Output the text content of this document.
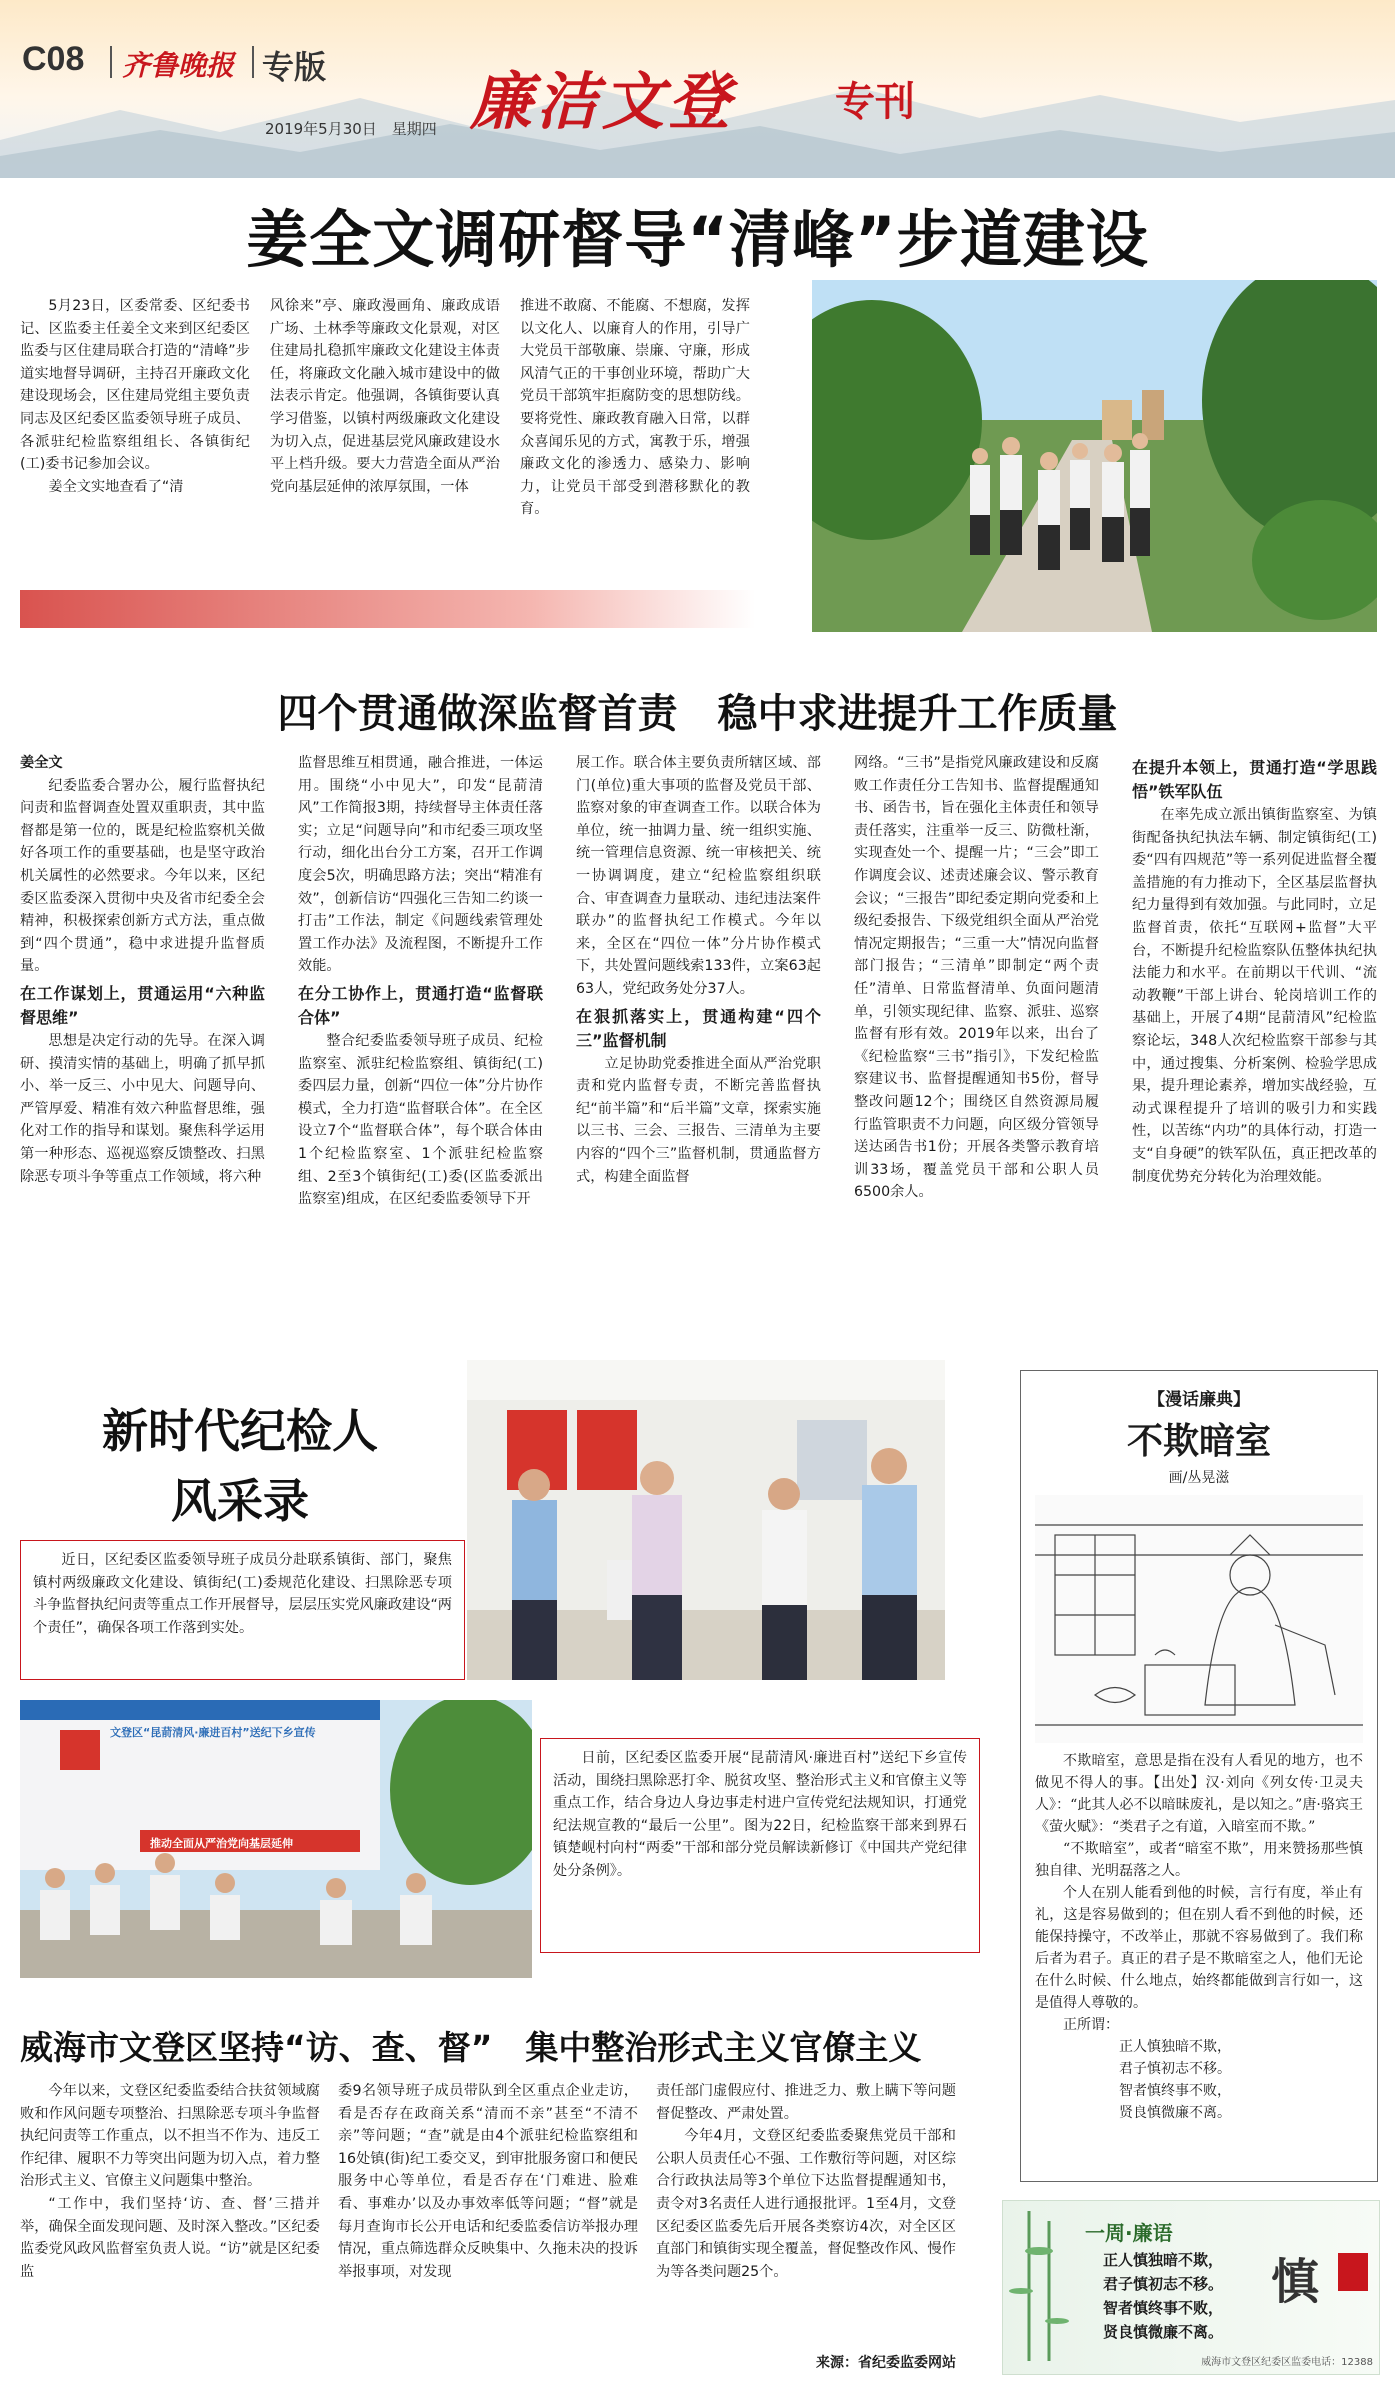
C08 齐鲁晚报 专版
2019年5月30日　星期四 廉洁文登	专刊
姜全文调研督导“清峰”步道建设

5月23日，区委常委、区纪委书记、区监委主任姜全文来到区纪委区监委与区住建局联合打造的“清峰”步道实地督导调研，主持召开廉政文化建设现场会，区住建局党组主要负责同志及区纪委区监委领导班子成员、各派驻纪检监察组组长、各镇街纪(工)委书记参加会议。

姜全文实地查看了“清

风徐来”亭、廉政漫画角、廉政成语广场、土林季等廉政文化景观，对区住建局扎稳抓牢廉政文化建设主体责任，将廉政文化融入城市建设中的做法表示肯定。他强调，各镇街要认真学习借鉴，以镇村两级廉政文化建设为切入点，促进基层党风廉政建设水平上档升级。要大力营造全面从严治党向基层延伸的浓厚氛围，一体

推进不敢腐、不能腐、不想腐，发挥以文化人、以廉育人的作用，引导广大党员干部敬廉、崇廉、守廉，形成风清气正的干事创业环境，帮助广大党员干部筑牢拒腐防变的思想防线。要将党性、廉政教育融入日常，以群众喜闻乐见的方式，寓教于乐，增强廉政文化的渗透力、感染力、影响力，让党员干部受到潜移默化的教育。

四个贯通做深监督首责　稳中求进提升工作质量

姜全文

纪委监委合署办公，履行监督执纪问责和监督调查处置双重职责，其中监督都是第一位的，既是纪检监察机关做好各项工作的重要基础，也是坚守政治机关属性的必然要求。今年以来，区纪委区监委深入贯彻中央及省市纪委全会精神，积极探索创新方式方法，重点做到“四个贯通”，稳中求进提升监督质量。

在工作谋划上，贯通运用“六种监督思维”

思想是决定行动的先导。在深入调研、摸清实情的基础上，明确了抓早抓小、举一反三、小中见大、问题导向、严管厚爱、精准有效六种监督思维，强化对工作的指导和谋划。聚焦科学运用第一种形态、巡视巡察反馈整改、扫黑除恶专项斗争等重点工作领域，将六种

监督思维互相贯通，融合推进，一体运用。围绕“小中见大”，印发“昆葥清风”工作简报3期，持续督导主体责任落实；立足“问题导向”和市纪委三项攻坚行动，细化出台分工方案，召开工作调度会5次，明确思路方法；突出“精准有效”，创新信访“四强化三告知二约谈一打击”工作法，制定《问题线索管理处置工作办法》及流程图，不断提升工作效能。

在分工协作上，贯通打造“监督联合体”

整合纪委监委领导班子成员、纪检监察室、派驻纪检监察组、镇街纪(工)委四层力量，创新“四位一体”分片协作模式，全力打造“监督联合体”。在全区设立7个“监督联合体”，每个联合体由1个纪检监察室、1个派驻纪检监察组、2至3个镇街纪(工)委(区监委派出监察室)组成，在区纪委监委领导下开

展工作。联合体主要负责所辖区域、部门(单位)重大事项的监督及党员干部、监察对象的审查调查工作。以联合体为单位，统一抽调力量、统一组织实施、统一管理信息资源、统一审核把关、统一协调调度，建立“纪检监察组织联合、审查调查力量联动、违纪违法案件联办”的监督执纪工作模式。今年以来，全区在“四位一体”分片协作模式下，共处置问题线索133件，立案63起63人，党纪政务处分37人。

在狠抓落实上，贯通构建“四个三”监督机制

立足协助党委推进全面从严治党职责和党内监督专责，不断完善监督执纪“前半篇”和“后半篇”文章，探索实施以三书、三会、三报告、三清单为主要内容的“四个三”监督机制，贯通监督方式，构建全面监督

网络。“三书”是指党风廉政建设和反腐败工作责任分工告知书、监督提醒通知书、函告书，旨在强化主体责任和领导责任落实，注重举一反三、防微杜渐，实现查处一个、提醒一片；“三会”即工作调度会议、述责述廉会议、警示教育会议；“三报告”即纪委定期向党委和上级纪委报告、下级党组织全面从严治党情况定期报告；“三重一大”情况向监督部门报告；“三清单”即制定“两个责任”清单、日常监督清单、负面问题清单，引领实现纪律、监察、派驻、巡察监督有形有效。2019年以来，出台了《纪检监察“三书”指引》，下发纪检监察建议书、监督提醒通知书5份，督导整改问题12个；围绕区自然资源局履行监管职责不力问题，向区级分管领导送达函告书1份；开展各类警示教育培训33场，覆盖党员干部和公职人员6500余人。

在提升本领上，贯通打造“学思践悟”铁军队伍

在率先成立派出镇街监察室、为镇街配备执纪执法车辆、制定镇街纪(工)委“四有四规范”等一系列促进监督全覆盖措施的有力推动下，全区基层监督执纪力量得到有效加强。与此同时，立足监督首责，依托“互联网+监督”大平台，不断提升纪检监察队伍整体执纪执法能力和水平。在前期以干代训、“流动教鞭”干部上讲台、轮岗培训工作的基础上，开展了4期“昆葥清风”纪检监察论坛，348人次纪检监察干部参与其中，通过搜集、分析案例、检验学思成果，提升理论素养，增加实战经验，互动式课程提升了培训的吸引力和实践性，以苦练“内功”的具体行动，打造一支“自身硬”的铁军队伍，真正把改革的制度优势充分转化为治理效能。

新时代纪检人
风采录

近日，区纪委区监委领导班子成员分赴联系镇街、部门，聚焦镇村两级廉政文化建设、镇街纪(工)委规范化建设、扫黑除恶专项斗争监督执纪问责等重点工作开展督导，层层压实党风廉政建设“两个责任”，确保各项工作落到实处。

文登区“昆葥清风·廉进百村”送纪下乡宣传
推动全面从严治党向基层延伸

日前，区纪委区监委开展“昆葥清风·廉进百村”送纪下乡宣传活动，围绕扫黑除恶打伞、脱贫攻坚、整治形式主义和官僚主义等重点工作，结合身边人身边事走村进户宣传党纪法规知识，打通党纪法规宣教的“最后一公里”。图为22日，纪检监察干部来到界石镇楚岘村向村“两委”干部和部分党员解读新修订《中国共产党纪律处分条例》。

【漫话廉典】
不欺暗室
画/丛晃滋

不欺暗室，意思是指在没有人看见的地方，也不做见不得人的事。【出处】汉·刘向《列女传·卫灵夫人》：“此其人必不以暗昧废礼，是以知之。”唐·骆宾王《萤火赋》：“类君子之有道，入暗室而不欺。”

“不欺暗室”，或者“暗室不欺”，用来赞扬那些慎独自律、光明磊落之人。

个人在别人能看到他的时候，言行有度，举止有礼，这是容易做到的；但在别人看不到他的时候，还能保持操守，不改举止，那就不容易做到了。我们称后者为君子。真正的君子是不欺暗室之人，他们无论在什么时候、什么地点，始终都能做到言行如一，这是值得人尊敬的。

正所谓：

正人慎独暗不欺，

君子慎初志不移。

智者慎终事不败，

贤良慎微廉不离。

一周·廉语
正人慎独暗不欺，
君子慎初志不移。
智者慎终事不败，
贤良慎微廉不离。
慎
威海市文登区纪委区监委电话：12388
威海市文登区坚持“访、查、督”　集中整治形式主义官僚主义

今年以来，文登区纪委监委结合扶贫领域腐败和作风问题专项整治、扫黑除恶专项斗争监督执纪问责等工作重点，以不担当不作为、违反工作纪律、履职不力等突出问题为切入点，着力整治形式主义、官僚主义问题集中整治。

“工作中，我们坚持‘访、查、督’三措并举，确保全面发现问题、及时深入整改。”区纪委监委党风政风监督室负责人说。“访”就是区纪委监

委9名领导班子成员带队到全区重点企业走访，看是否存在政商关系“清而不亲”甚至“不清不亲”等问题；“查”就是由4个派驻纪检监察组和16处镇(街)纪工委交叉，到审批服务窗口和便民服务中心等单位，看是否存在‘门难进、脸难看、事难办’以及办事效率低等问题；“督”就是每月查询市长公开电话和纪委监委信访举报办理情况，重点筛选群众反映集中、久拖未决的投诉举报事项，对发现

责任部门虚假应付、推进乏力、敷上瞒下等问题督促整改、严肃处置。

今年4月，文登区纪委监委聚焦党员干部和公职人员责任心不强、工作敷衍等问题，对区综合行政执法局等3个单位下达监督提醒通知书，责令对3名责任人进行通报批评。1至4月，文登区纪委区监委先后开展各类察访4次，对全区区直部门和镇街实现全覆盖，督促整改作风、慢作为等各类问题25个。

来源：省纪委监委网站
